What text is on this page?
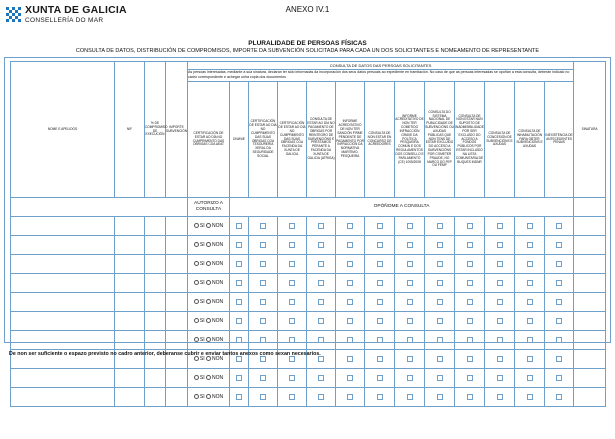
XUNTA DE GALICIA
CONSELLERÍA DO MAR
ANEXO IV.1
PLURALIDADE DE PERSOAS FÍSICAS
CONSULTA DE DATOS, DISTRIBUCIÓN DE COMPROMISOS, IMPORTE DA SUBVENCIÓN SOLICITADA PARA CADA UN DOS SOLICITANTES E NOMEAMENTO DE REPRESENTANTE
NOME E APELIDOS	NIF	% DE COMPROMISO DE EXECUCIÓN	IMPORTE SUBVENCIÓN	CONSULTA DE DATOS DAS PERSOAS SOLICITANTES													SINATURA
				As persoas interesadas, mediante a súa sinatura, declaran ter sido informadas da incorporación dos seus datos persoais ao expediente en tramitación. No caso de que as persoas interesadas se opoñan a esta consulta, deberán indicalo no cadro correspondente e achegar unha copia dos documentos													
				CERTIFICACIÓN DE ESTAR AO DÍA NO CUMPRIMENTO DAS OBRIGAS COA AEAT	DNI/NIE	CERTIFICACIÓN DE ESTAR AO DÍA NO CUMPRIMENTO DAS SÚAS OBRIGAS COA TESOURERÍA XERAL DA SEGURIDADE SOCIAL	CERTIFICACIÓN DE ESTAR AO DÍA NO CUMPRIMENTO DAS SÚAS OBRIGAS COA FACENDA DA XUNTA DE GALICIA	CONSULTA DE ESTAR AO DÍA NO PAGAMENTO DE OBRIGAS POR REINTEGRO DE SUBVENCIÓNS E PRÉSTAMOS PERANTE A FACENDA DA XUNTA DE GALICIA (ATRIGA)	INFORME ACREDITATIVO DE NON TER SANCIÓN FIRME PENDENTE DE PAGAMENTO POR INFRACCIÓN DA NORMATIVA MARÍTIMO-PESQUEIRA	CONSULTA DE NON ESTAR EN CONCURSO DE ACREEDORES	INFORME ACREDITATIVO DE NON TER COMETIDO INFRACCIÓN GRAVE DA POLÍTICA PESQUEIRA COMÚN E DOS REGULAMENTOS DOS CONSELLO E PARLAMENTO (CE) 1005/2008	CONSULTA DO SISTEMA NACIONAL DE PUBLICIDADE DE SUBVENCIÓNS OU AXUDAS PÚBLICAS QUE NON TENS DE ESTAR EXCLUÍDO DO ACCESO A SUBVENCIÓNS POR COMETER FRAUDE, NO MARCO DO FEP OU FEMP	CONSULTA DE NON ESTAR NUN SUPOSTO DE INADMISIBILIDADE POR SER EXCLUÍDO DO ACCESO A FONDOS PÚBLICOS POR ESTAR INCLUÍDO NA LISTA COMUNITARIA DE BUQUES INDNR	CONSULTA DE CONCESIÓN DE SUBVENCIÓNS E AXUDAS	CONSULTA DE INHABILITACIÓN PARA OBTER SUBVENCIÓNS E AXUDAS	INEXISTENCIA DE ANTECEDENTES PENAIS	
				AUTORIZO A CONSULTA	OPÓÑOME A CONSULTA												
				SI NON													
				SI NON													
				SI NON													
				SI NON													
				SI NON													
				SI NON													
				SI NON													
				SI NON													
				SI NON													
				SI NON													
De non ser suficiente o espazo previsto no cadro anterior, deberanse cubrir e enviar tantos anexos como sexan necesarios.
